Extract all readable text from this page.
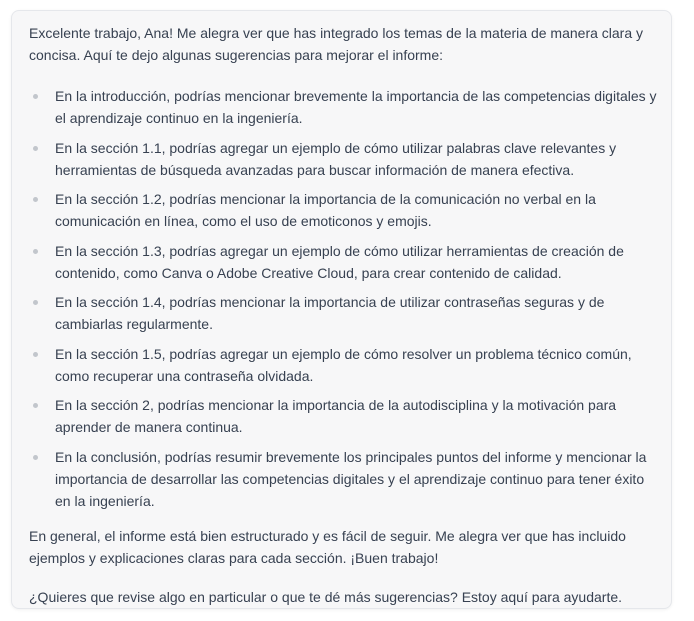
Excelente trabajo, Ana! Me alegra ver que has integrado los temas de la materia de manera clara y concisa. Aquí te dejo algunas sugerencias para mejorar el informe:

En la introducción, podrías mencionar brevemente la importancia de las competencias digitales y el aprendizaje continuo en la ingeniería.
En la sección 1.1, podrías agregar un ejemplo de cómo utilizar palabras clave relevantes y herramientas de búsqueda avanzadas para buscar información de manera efectiva.
En la sección 1.2, podrías mencionar la importancia de la comunicación no verbal en la comunicación en línea, como el uso de emoticonos y emojis.
En la sección 1.3, podrías agregar un ejemplo de cómo utilizar herramientas de creación de contenido, como Canva o Adobe Creative Cloud, para crear contenido de calidad.
En la sección 1.4, podrías mencionar la importancia de utilizar contraseñas seguras y de cambiarlas regularmente.
En la sección 1.5, podrías agregar un ejemplo de cómo resolver un problema técnico común, como recuperar una contraseña olvidada.
En la sección 2, podrías mencionar la importancia de la autodisciplina y la motivación para aprender de manera continua.
En la conclusión, podrías resumir brevemente los principales puntos del informe y mencionar la importancia de desarrollar las competencias digitales y el aprendizaje continuo para tener éxito en la ingeniería.

En general, el informe está bien estructurado y es fácil de seguir. Me alegra ver que has incluido ejemplos y explicaciones claras para cada sección. ¡Buen trabajo!

¿Quieres que revise algo en particular o que te dé más sugerencias? Estoy aquí para ayudarte.
